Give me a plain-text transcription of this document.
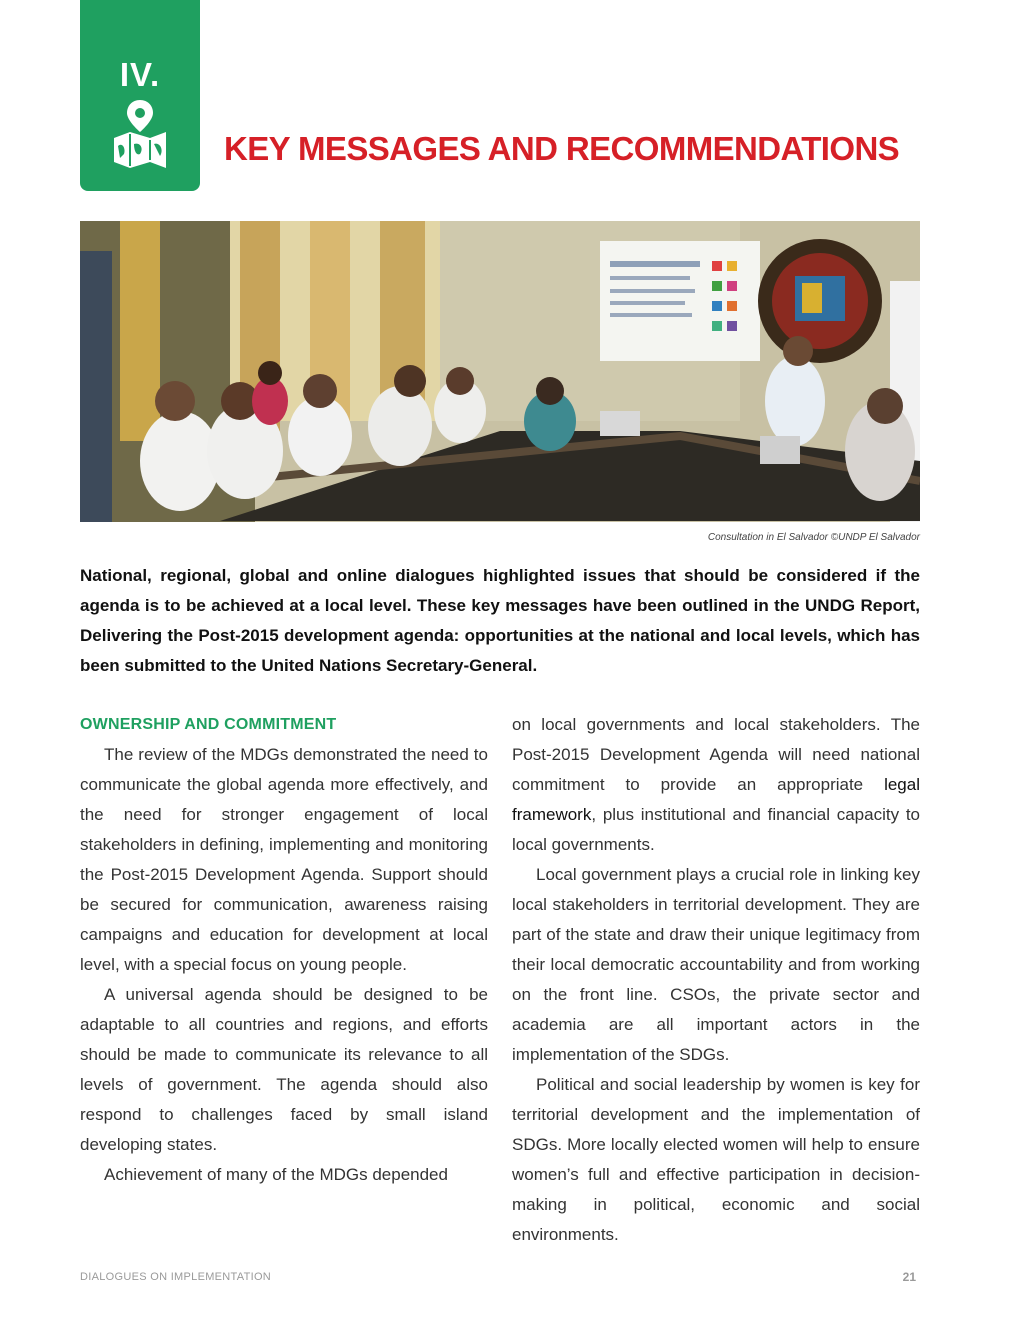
IV.
KEY MESSAGES AND RECOMMENDATIONS
Consultation in El Salvador ©UNDP El Salvador

National, regional, global and online dialogues highlighted issues that should be considered if the agenda is to be achieved at a local level. These key messages have been outlined in the UNDG Report, Delivering the Post-2015 development agenda: opportunities at the national and local levels, which has been submitted to the United Nations Secretary-General.

OWNERSHIP AND COMMITMENT

The review of the MDGs demonstrated the need to communicate the global agenda more effectively, and the need for stronger engagement of local stakeholders in defining, implementing and monitoring the Post-2015 Development Agenda. Support should be secured for communication, awareness raising campaigns and education for development at local level, with a special focus on young people.

A universal agenda should be designed to be adaptable to all countries and regions, and efforts should be made to communicate its relevance to all levels of government. The agenda should also respond to challenges faced by small island developing states.

Achievement of many of the MDGs depended

on local governments and local stakeholders. The Post-2015 Development Agenda will need national commitment to provide an appropriate legal framework, plus institutional and financial capacity to local governments.

Local government plays a crucial role in linking key local stakeholders in territorial development. They are part of the state and draw their unique legitimacy from their local democratic accountability and from working on the front line. CSOs, the private sector and academia are all important actors in the implementation of the SDGs.

Political and social leadership by women is key for territorial development and the implementation of SDGs. More locally elected women will help to ensure women’s full and effective participation in decision-making in political, economic and social environments.

DIALOGUES ON IMPLEMENTATION	21
